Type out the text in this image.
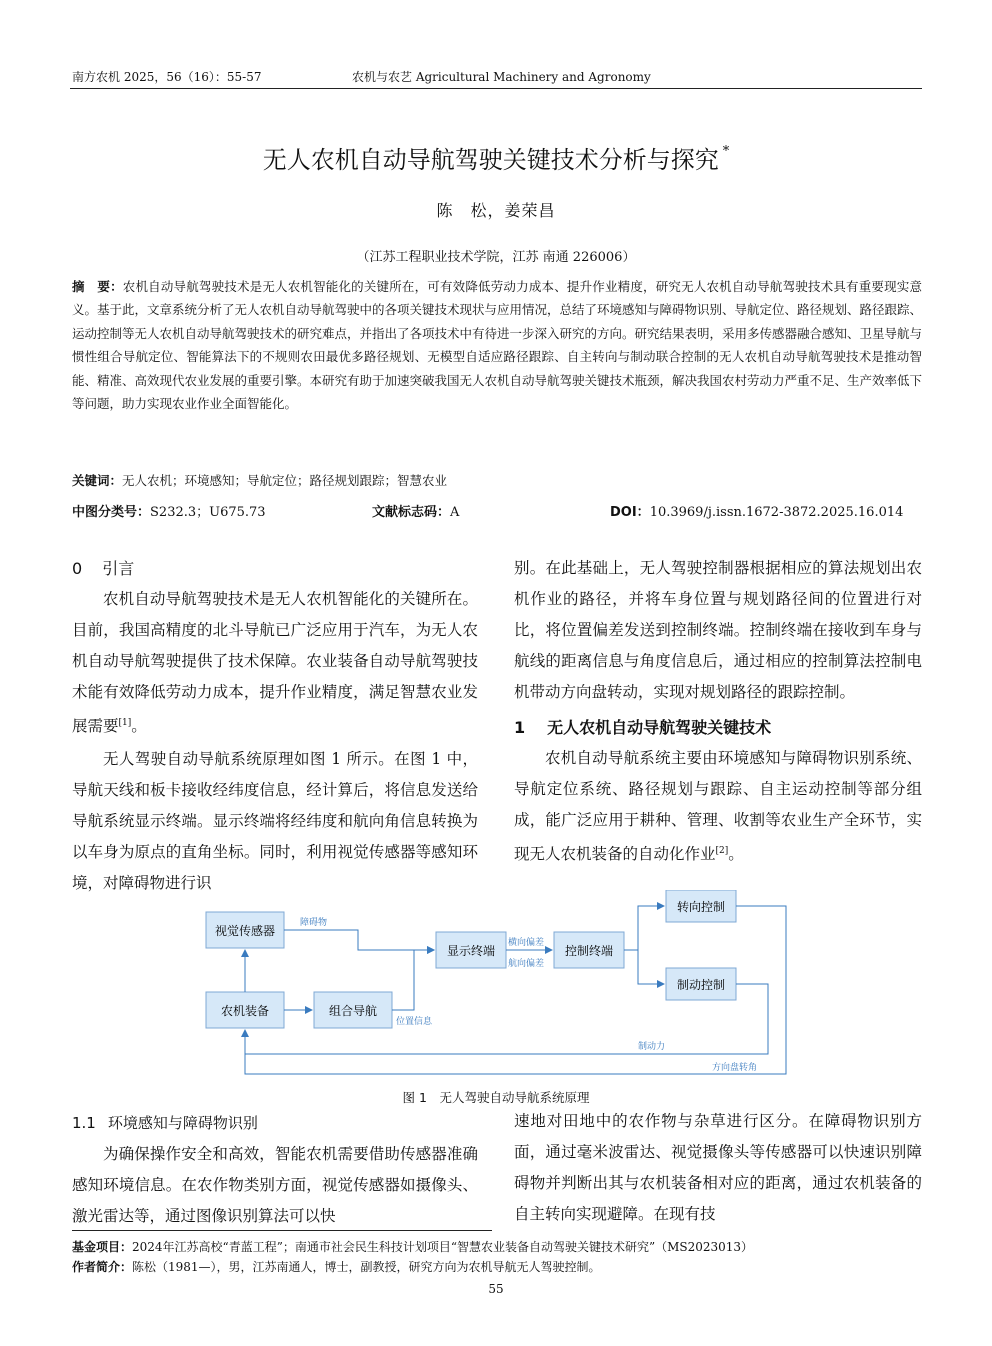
南方农机 2025，56（16）：55-57	农机与农艺 Agricultural Machinery and Agronomy
无人农机自动导航驾驶关键技术分析与探究 *
陈　松，姜荣昌
（江苏工程职业技术学院，江苏 南通 226006）
摘　要：农机自动导航驾驶技术是无人农机智能化的关键所在，可有效降低劳动力成本、提升作业精度，研究无人农机自动导航驾驶技术具有重要现实意义。基于此，文章系统分析了无人农机自动导航驾驶中的各项关键技术现状与应用情况，总结了环境感知与障碍物识别、导航定位、路径规划、路径跟踪、运动控制等无人农机自动导航驾驶技术的研究难点，并指出了各项技术中有待进一步深入研究的方向。研究结果表明，采用多传感器融合感知、卫星导航与惯性组合导航定位、智能算法下的不规则农田最优多路径规划、无模型自适应路径跟踪、自主转向与制动联合控制的无人农机自动导航驾驶技术是推动智能、精准、高效现代农业发展的重要引擎。本研究有助于加速突破我国无人农机自动导航驾驶关键技术瓶颈，解决我国农村劳动力严重不足、生产效率低下等问题，助力实现农业作业全面智能化。
关键词：无人农机；环境感知；导航定位；路径规划跟踪；智慧农业
中图分类号：S232.3；U675.73	文献标志码：A	DOI：10.3969/j.issn.1672-3872.2025.16.014
0 引言

农机自动导航驾驶技术是无人农机智能化的关键所在。目前，我国高精度的北斗导航已广泛应用于汽车，为无人农机自动导航驾驶提供了技术保障。农业装备自动导航驾驶技术能有效降低劳动力成本，提升作业精度，满足智慧农业发展需要[1]。

无人驾驶自动导航系统原理如图 1 所示。在图 1 中，导航天线和板卡接收经纬度信息，经计算后，将信息发送给导航系统显示终端。显示终端将经纬度和航向角信息转换为以车身为原点的直角坐标。同时，利用视觉传感器等感知环境，对障碍物进行识

别。在此基础上，无人驾驶控制器根据相应的算法规划出农机作业的路径，并将车身位置与规划路径间的位置进行对比，将位置偏差发送到控制终端。控制终端在接收到车身与航线的距离信息与角度信息后，通过相应的控制算法控制电机带动方向盘转动，实现对规划路径的跟踪控制。

1 无人农机自动导航驾驶关键技术

农机自动导航系统主要由环境感知与障碍物识别系统、导航定位系统、路径规划与跟踪、自主运动控制等部分组成，能广泛应用于耕种、管理、收割等农业生产全环节，实现无人农机装备的自动化作业[2]。

视觉传感器
农机装备	组合导航
显示终端	控制终端
转向控制
制动控制
障碍物
位置信息
横向偏差
航向偏差
制动力
方向盘转角
图 1　无人驾驶自动导航系统原理
1.1 环境感知与障碍物识别

为确保操作安全和高效，智能农机需要借助传感器准确感知环境信息。在农作物类别方面，视觉传感器如摄像头、激光雷达等，通过图像识别算法可以快

速地对田地中的农作物与杂草进行区分。在障碍物识别方面，通过毫米波雷达、视觉摄像头等传感器可以快速识别障碍物并判断出其与农机装备相对应的距离，通过农机装备的自主转向实现避障。在现有技

基金项目：2024年江苏高校“青蓝工程”；南通市社会民生科技计划项目“智慧农业装备自动驾驶关键技术研究”（MS2023013）
作者简介：陈松（1981—），男，江苏南通人，博士，副教授，研究方向为农机导航无人驾驶控制。
55
